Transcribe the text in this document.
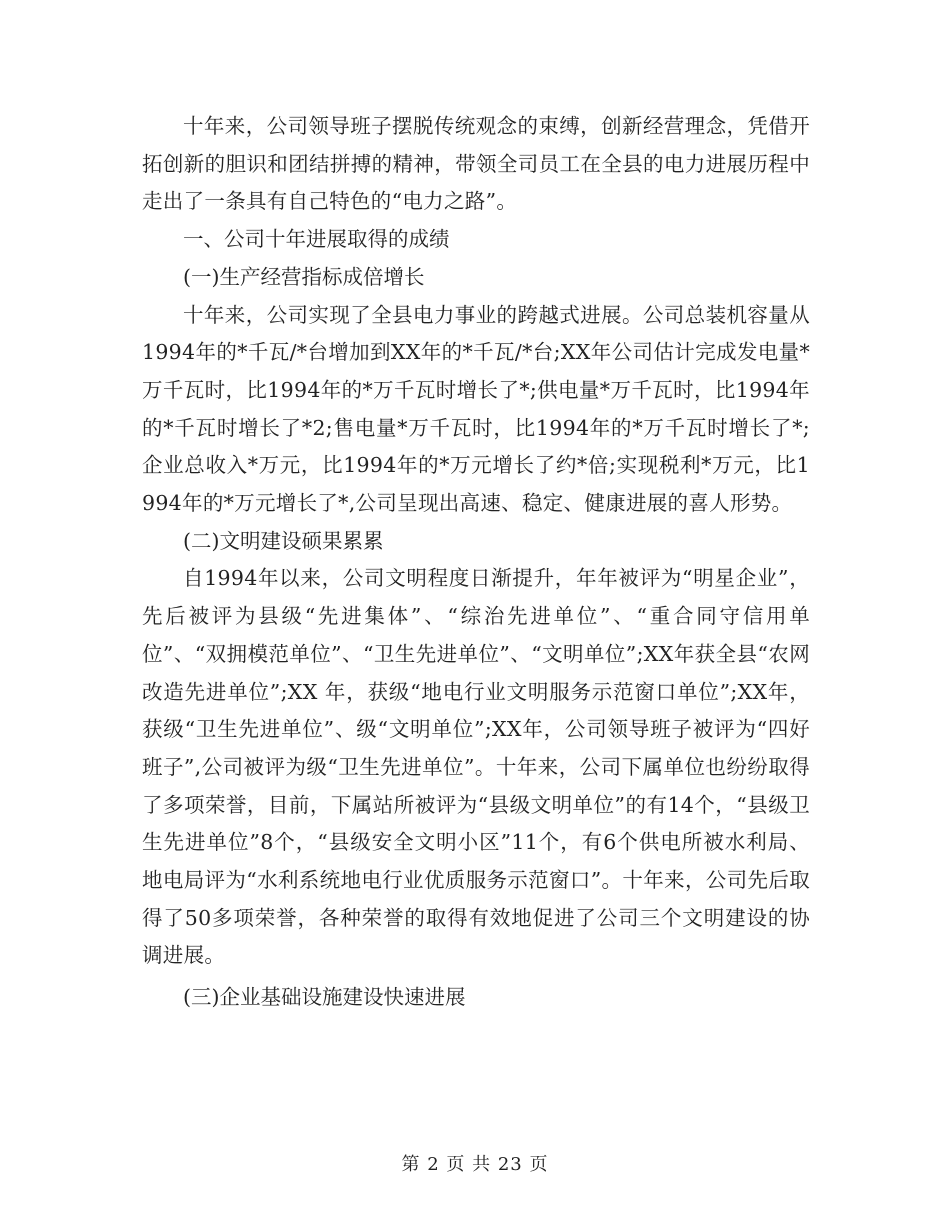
十年来，公司领导班子摆脱传统观念的束缚，创新经营理念，凭借开拓创新的胆识和团结拼搏的精神，带领全司员工在全县的电力进展历程中走出了一条具有自己特色的“电力之路”。

一、公司十年进展取得的成绩

(一)生产经营指标成倍增长

十年来，公司实现了全县电力事业的跨越式进展。公司总装机容量从1994年的*千瓦/*台增加到XX年的*千瓦/*台;XX年公司估计完成发电量*万千瓦时，比1994年的*万千瓦时增长了*;供电量*万千瓦时，比1994年的*千瓦时增长了*2;售电量*万千瓦时，比1994年的*万千瓦时增长了*;企业总收入*万元，比1994年的*万元增长了约*倍;实现税利*万元，比1994年的*万元增长了*,公司呈现出高速、稳定、健康进展的喜人形势。

(二)文明建设硕果累累

自1994年以来，公司文明程度日渐提升，年年被评为“明星企业”，先后被评为县级“先进集体”、“综治先进单位”、“重合同守信用单位”、“双拥模范单位”、“卫生先进单位”、“文明单位”;XX年获全县“农网改造先进单位”;XX 年，获级“地电行业文明服务示范窗口单位”;XX年，获级“卫生先进单位”、级“文明单位”;XX年，公司领导班子被评为“四好班子”,公司被评为级“卫生先进单位”。十年来，公司下属单位也纷纷取得了多项荣誉，目前，下属站所被评为“县级文明单位”的有14个，“县级卫生先进单位”8个，“县级安全文明小区”11个，有6个供电所被水利局、地电局评为“水利系统地电行业优质服务示范窗口”。十年来，公司先后取得了50多项荣誉，各种荣誉的取得有效地促进了公司三个文明建设的协调进展。

(三)企业基础设施建设快速进展

第 2 页 共 23 页
